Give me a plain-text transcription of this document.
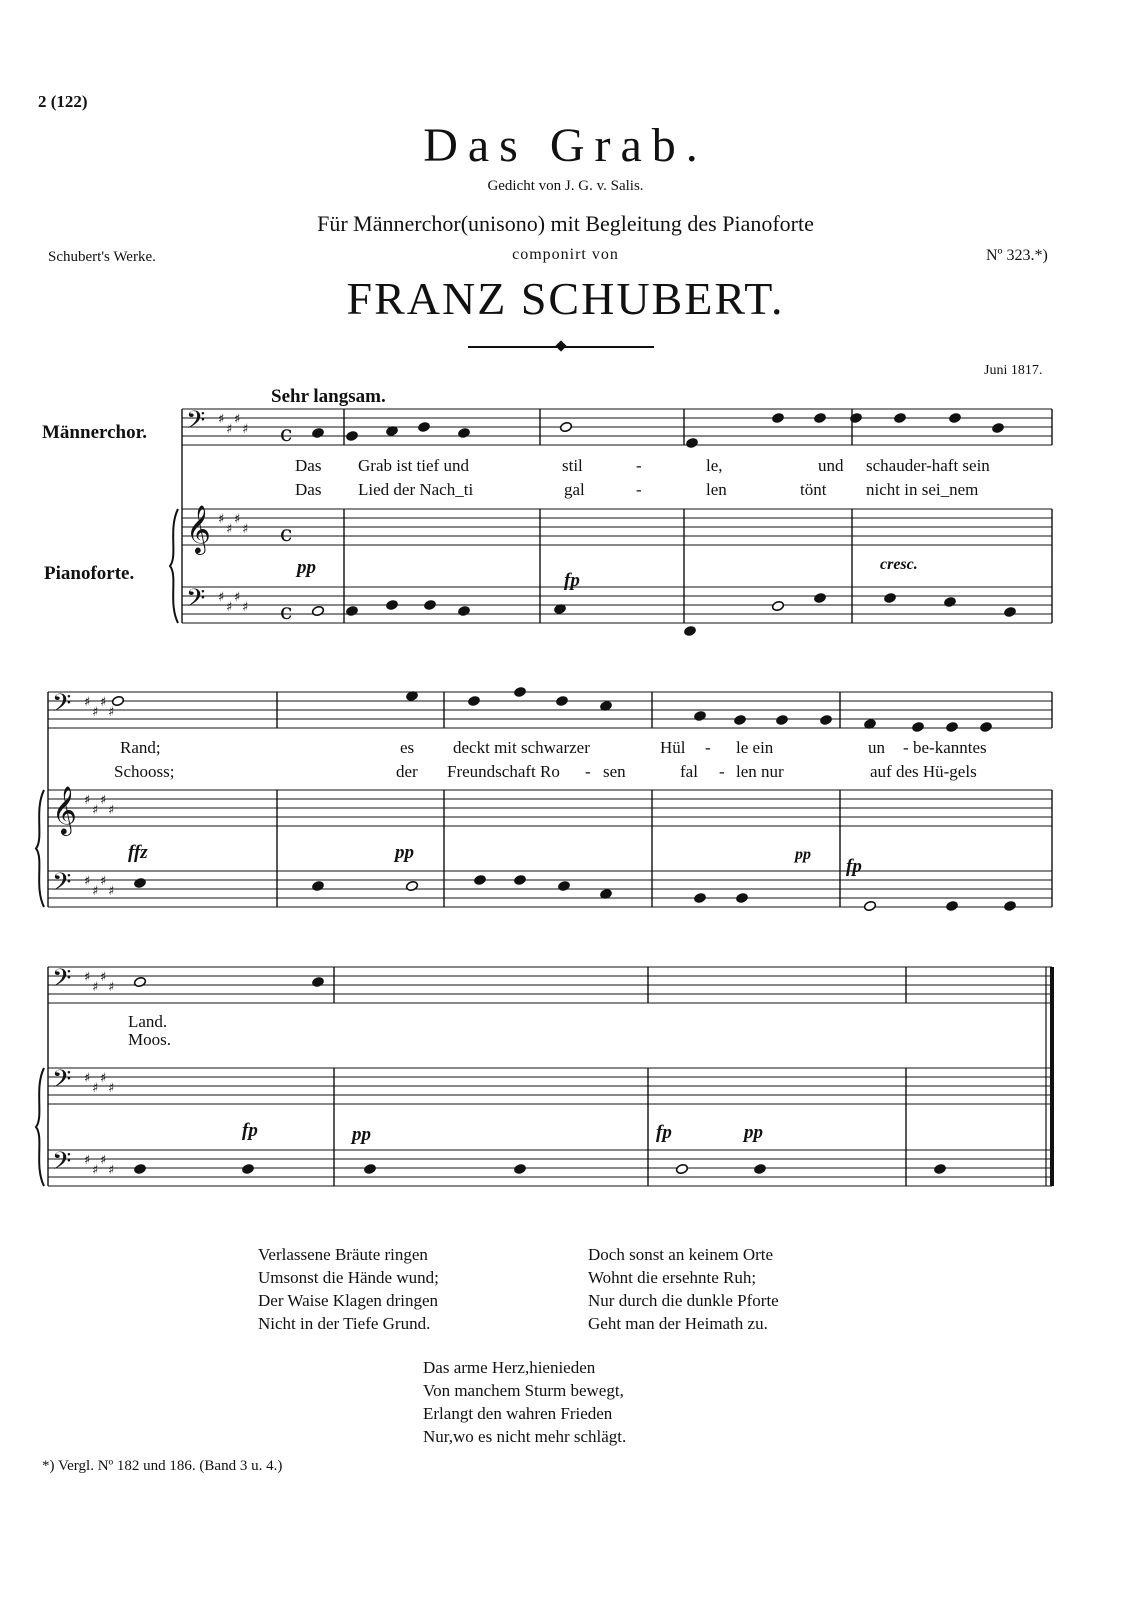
2 (122)
Das Grab.
Gedicht von J. G. v. Salis.
Für Männerchor(unisono) mit Begleitung des Pianoforte
Schubert's Werke.	componirt von	Nº 323.*)
FRANZ SCHUBERT.
Juni 1817.
Sehr langsam.
𝄢 ♯
♯
♯
♯
𝄞 ♯
♯
♯
♯
𝄢 ♯
♯
♯
♯
𝄢 ♯
♯
♯
♯
𝄞 ♯
♯
♯
♯
𝄢 ♯
♯
♯
♯
𝄢 ♯
♯
♯
♯
𝄢 ♯
♯
♯
♯
𝄢 ♯
♯
♯
♯
c
c
c
Männerchor.
Pianoforte.
Das Grab ist tief und	stil	-	le,	und schauder-haft sein
Das Lied der Nach_ti	gal	-	len	tönt nicht in sei_nem
pp
fp
cresc.
Rand;	es deckt mit schwarzer	Hül - le ein	un - be-kanntes
Schooss;	der Freundschaft Ro - sen	fal - len nur	auf des Hü-gels
ffz	pp	pp
fp
Land.
Moos.
fp	pp	fp	pp
Verlassene Bräute ringen
Umsonst die Hände wund;
Der Waise Klagen dringen
Nicht in der Tiefe Grund.
Doch sonst an keinem Orte
Wohnt die ersehnte Ruh;
Nur durch die dunkle Pforte
Geht man der Heimath zu.
Das arme Herz,hienieden
Von manchem Sturm bewegt,
Erlangt den wahren Frieden
Nur,wo es nicht mehr schlägt.
*) Vergl. Nº 182 und 186. (Band 3 u. 4.)
